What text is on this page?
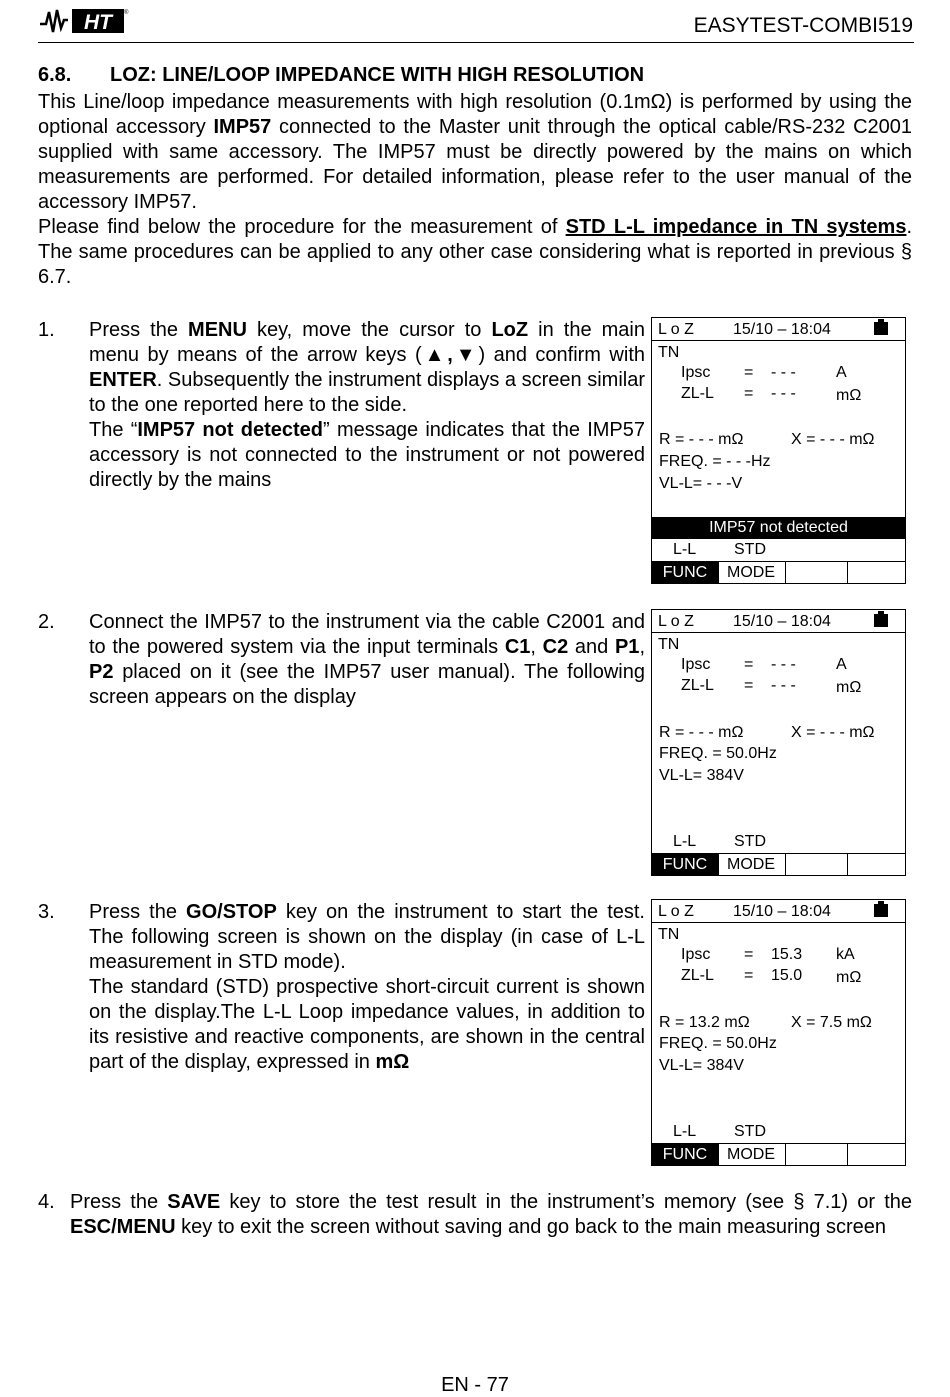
HT	®
EASYTEST-COMBI519
6.8. LOZ: LINE/LOOP IMPEDANCE WITH HIGH RESOLUTION

This Line/loop impedance measurements with high resolution (0.1mΩ) is performed by using the optional accessory IMP57 connected to the Master unit through the optical cable/RS-232 C2001 supplied with same accessory. The IMP57 must be directly powered by the mains on which measurements are performed. For detailed information, please refer to the user manual of the accessory IMP57.

Please find below the procedure for the measurement of STD L-L impedance in TN systems. The same procedures can be applied to any other case considering what is reported in previous § 6.7.

1. Press the MENU key, move the cursor to LoZ in the main menu by means of the arrow keys (▲,▼) and confirm with ENTER. Subsequently the instrument displays a screen similar to the one reported here to the side.

The “IMP57 not detected” message indicates that the IMP57 accessory is not connected to the instrument or not powered directly by the mains

L o Z 15/10 – 18:04
TN
Ipsc = - - -	A
ZL-L = - - -	mΩ
R = - - - mΩ	X = - - - mΩ
FREQ. = - - -Hz
VL-L= - - -V
IMP57 not detected
L-L STD
FUNC	MODE
2. Connect the IMP57 to the instrument via the cable C2001 and to the powered system via the input terminals C1, C2 and P1, P2 placed on it (see the IMP57 user manual). The following screen appears on the display

L o Z 15/10 – 18:04
TN
Ipsc = - - -	A
ZL-L = - - -	mΩ
R = - - - mΩ	X = - - - mΩ
FREQ. = 50.0Hz
VL-L= 384V
L-L STD
FUNC	MODE
3. Press the GO/STOP key on the instrument to start the test. The following screen is shown on the display (in case of L-L measurement in STD mode).

The standard (STD) prospective short-circuit current is shown on the display.The L-L Loop impedance values, in addition to its resistive and reactive components, are shown in the central part of the display, expressed in mΩ

L o Z 15/10 – 18:04
TN
Ipsc = 15.3 kA
ZL-L = 15.0 mΩ
R = 13.2 mΩ	X = 7.5 mΩ
FREQ. = 50.0Hz
VL-L= 384V
L-L STD
FUNC	MODE
4. Press the SAVE key to store the test result in the instrument’s memory (see § 7.1) or the ESC/MENU key to exit the screen without saving and go back to the main measuring screen
EN - 77
